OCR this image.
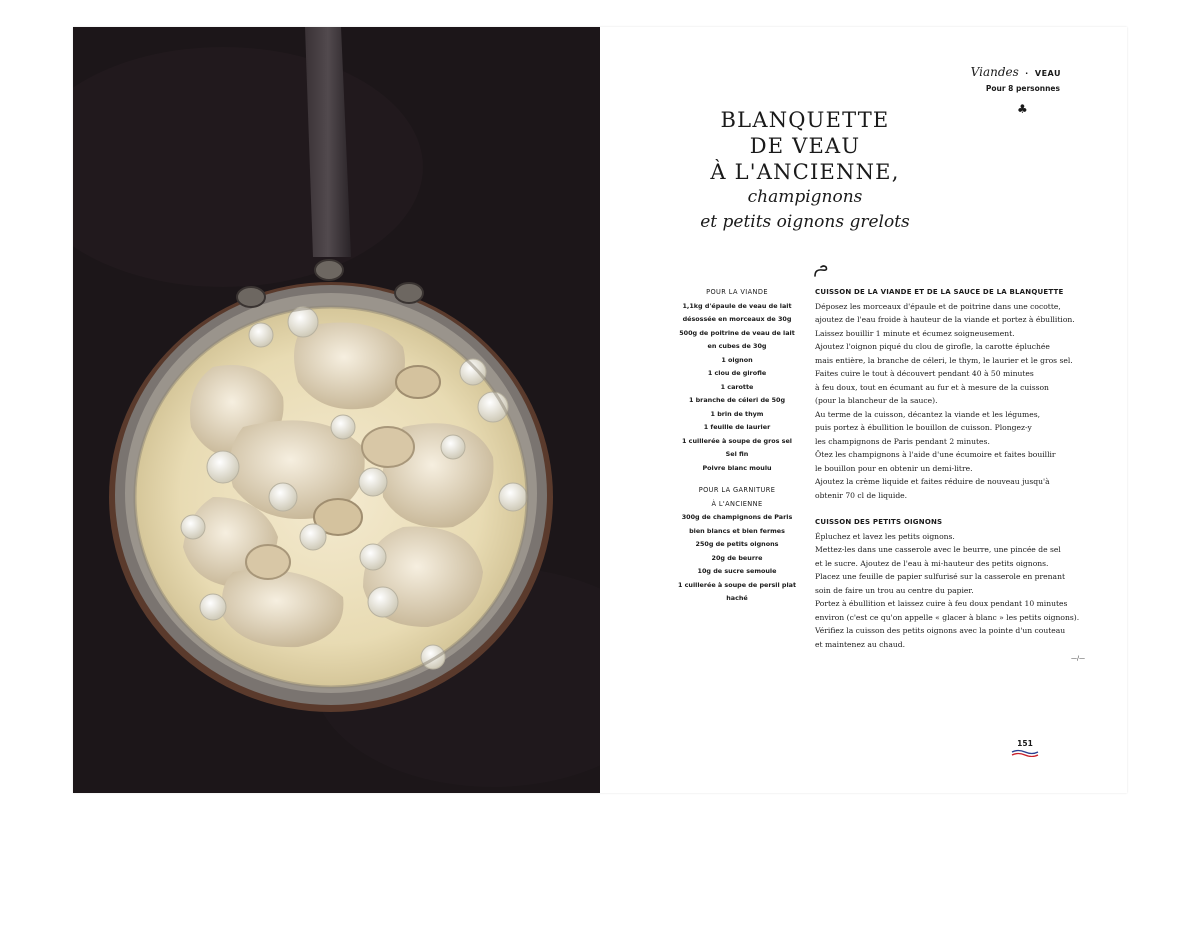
Viandes · VEAU
Pour 8 personnes
♣
BLANQUETTE
DE VEAU
À L'ANCIENNE,
champignons
et petits oignons grelots
POUR LA VIANDE
1,1kg d'épaule de veau de lait
désossée en morceaux de 30g
500g de poitrine de veau de lait
en cubes de 30g
1 oignon
1 clou de girofle
1 carotte
1 branche de céleri de 50g
1 brin de thym
1 feuille de laurier
1 cuillerée à soupe de gros sel
Sel fin
Poivre blanc moulu
POUR LA GARNITURE
À L'ANCIENNE
300g de champignons de Paris
bien blancs et bien fermes
250g de petits oignons
20g de beurre
10g de sucre semoule
1 cuillerée à soupe de persil plat
haché
CUISSON DE LA VIANDE ET DE LA SAUCE DE LA BLANQUETTE
Déposez les morceaux d'épaule et de poitrine dans une cocotte,
ajoutez de l'eau froide à hauteur de la viande et portez à ébullition.
Laissez bouillir 1 minute et écumez soigneusement.
Ajoutez l'oignon piqué du clou de girofle, la carotte épluchée
mais entière, la branche de céleri, le thym, le laurier et le gros sel.
Faites cuire le tout à découvert pendant 40 à 50 minutes
à feu doux, tout en écumant au fur et à mesure de la cuisson
(pour la blancheur de la sauce).
Au terme de la cuisson, décantez la viande et les légumes,
puis portez à ébullition le bouillon de cuisson. Plongez-y
les champignons de Paris pendant 2 minutes.
Ôtez les champignons à l'aide d'une écumoire et faites bouillir
le bouillon pour en obtenir un demi-litre.
Ajoutez la crème liquide et faites réduire de nouveau jusqu'à
obtenir 70 cl de liquide.
CUISSON DES PETITS OIGNONS
Épluchez et lavez les petits oignons.
Mettez-les dans une casserole avec le beurre, une pincée de sel
et le sucre. Ajoutez de l'eau à mi-hauteur des petits oignons.
Placez une feuille de papier sulfurisé sur la casserole en prenant
soin de faire un trou au centre du papier.
Portez à ébullition et laissez cuire à feu doux pendant 10 minutes
environ (c'est ce qu'on appelle « glacer à blanc » les petits oignons).
Vérifiez la cuisson des petits oignons avec la pointe d'un couteau
et maintenez au chaud.
—/—
151
